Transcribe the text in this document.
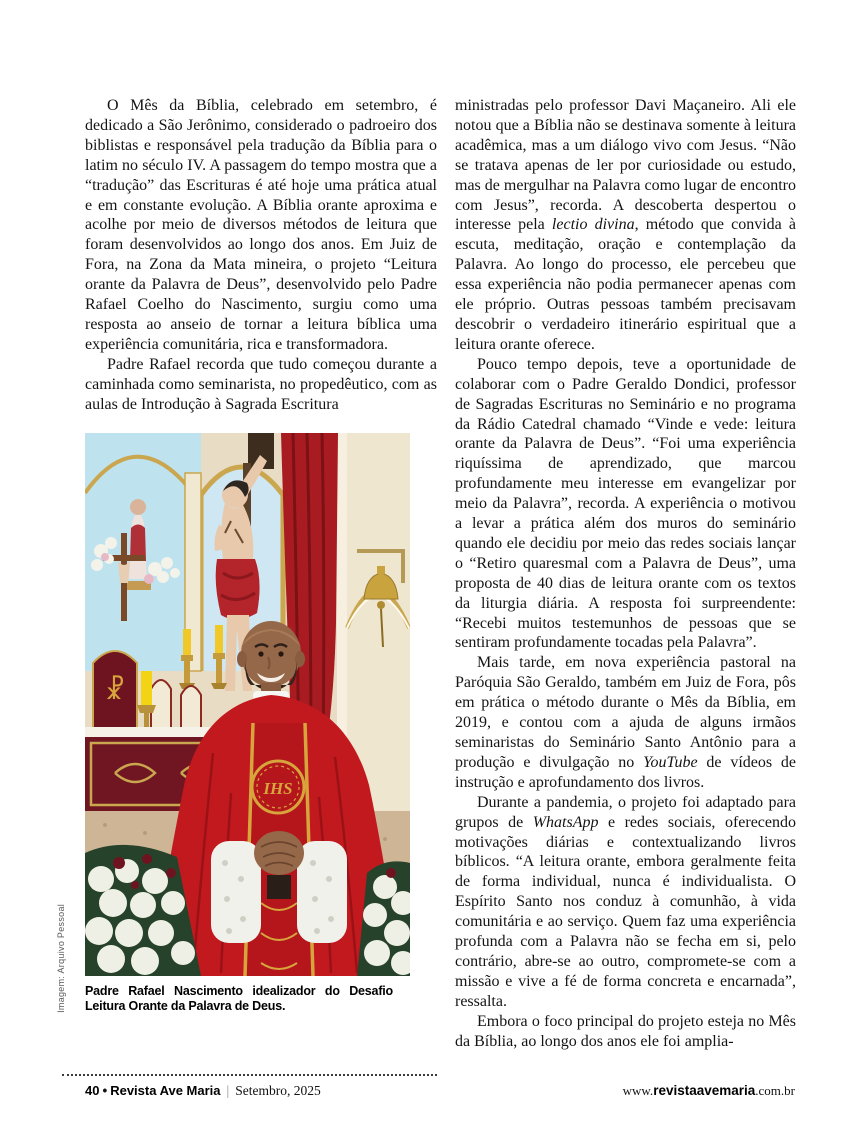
O Mês da Bíblia, celebrado em setembro, é dedicado a São Jerônimo, considerado o padroeiro dos biblistas e responsável pela tradução da Bíblia para o latim no século IV. A passagem do tempo mostra que a “tradução” das Escrituras é até hoje uma prática atual e em constante evolução. A Bíblia orante aproxima e acolhe por meio de diversos métodos de leitura que foram desenvolvidos ao longo dos anos. Em Juiz de Fora, na Zona da Mata mineira, o projeto “Leitura orante da Palavra de Deus”, desenvolvido pelo Padre Rafael Coelho do Nascimento, surgiu como uma resposta ao anseio de tornar a leitura bíblica uma experiência comunitária, rica e transformadora.

Padre Rafael recorda que tudo começou durante a caminhada como seminarista, no propedêutico, com as aulas de Introdução à Sagrada Escritura

☧
IHS
Imagem: Arquivo Pessoal	Padre Rafael Nascimento idealizador do Desafio Leitura Orante da Palavra de Deus.

ministradas pelo professor Davi Maçaneiro. Ali ele notou que a Bíblia não se destinava somente à leitura acadêmica, mas a um diálogo vivo com Jesus. “Não se tratava apenas de ler por curiosidade ou estudo, mas de mergulhar na Palavra como lugar de encontro com Jesus”, recorda. A descoberta despertou o interesse pela lectio divina, método que convida à escuta, meditação, oração e contemplação da Palavra. Ao longo do processo, ele percebeu que essa experiência não podia permanecer apenas com ele próprio. Outras pessoas também precisavam descobrir o verdadeiro itinerário espiritual que a leitura orante oferece.

Pouco tempo depois, teve a oportunidade de colaborar com o Padre Geraldo Dondici, professor de Sagradas Escrituras no Seminário e no programa da Rádio Catedral chamado “Vinde e vede: leitura orante da Palavra de Deus”. “Foi uma experiência riquíssima de aprendizado, que marcou profundamente meu interesse em evangelizar por meio da Palavra”, recorda. A experiência o motivou a levar a prática além dos muros do seminário quando ele decidiu por meio das redes sociais lançar o “Retiro quaresmal com a Palavra de Deus”, uma proposta de 40 dias de leitura orante com os textos da liturgia diária. A resposta foi surpreendente: “Recebi muitos testemunhos de pessoas que se sentiram profundamente tocadas pela Palavra”.

Mais tarde, em nova experiência pastoral na Paróquia São Geraldo, também em Juiz de Fora, pôs em prática o método durante o Mês da Bíblia, em 2019, e contou com a ajuda de alguns irmãos seminaristas do Seminário Santo Antônio para a produção e divulgação no YouTube de vídeos de instrução e aprofundamento dos livros.

Durante a pandemia, o projeto foi adaptado para grupos de WhatsApp e redes sociais, oferecendo motivações diárias e contextualizando livros bíblicos. “A leitura orante, embora geralmente feita de forma individual, nunca é individualista. O Espírito Santo nos conduz à comunhão, à vida comunitária e ao serviço. Quem faz uma experiência profunda com a Palavra não se fecha em si, pelo contrário, abre-se ao outro, compromete-se com a missão e vive a fé de forma concreta e encarnada”, ressalta.

Embora o foco principal do projeto esteja no Mês da Bíblia, ao longo dos anos ele foi amplia-

40 • Revista Ave Maria | Setembro, 2025	www.revistaavemaria.com.br
